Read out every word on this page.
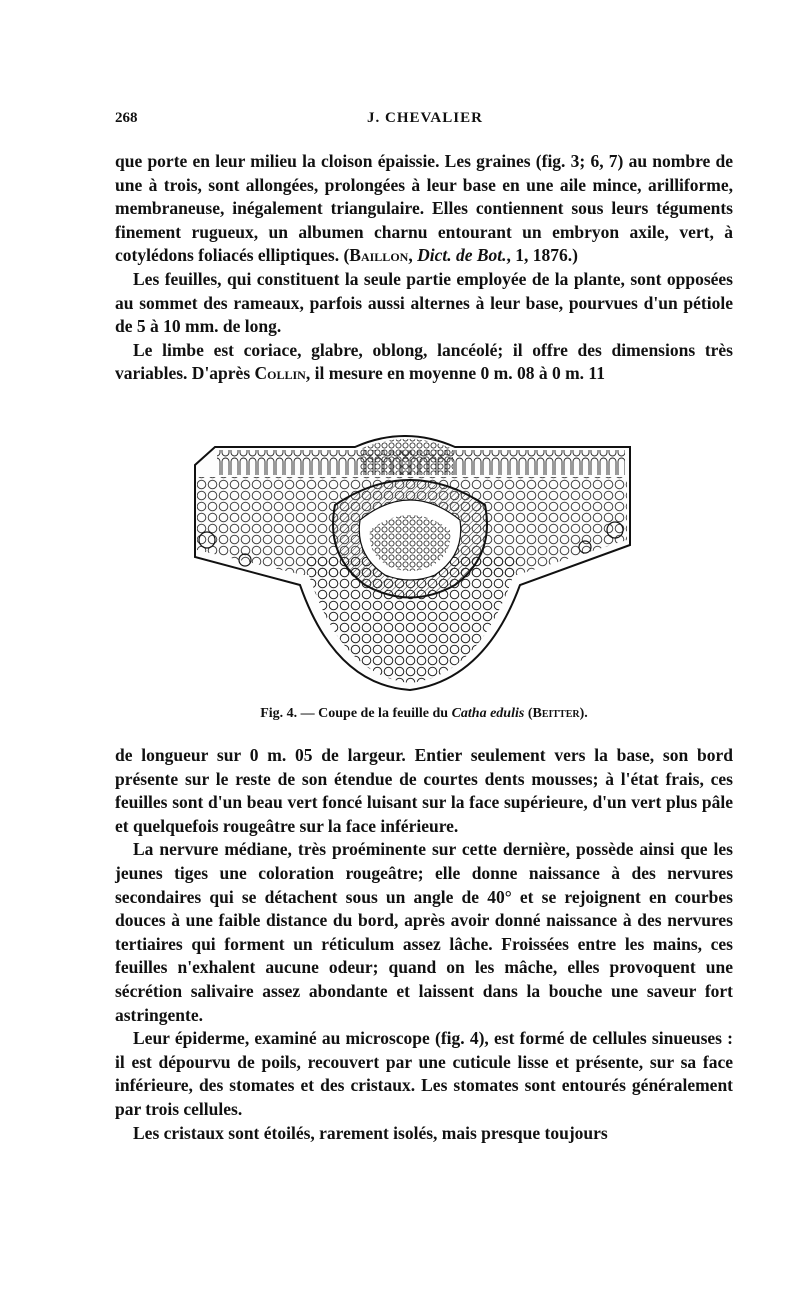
268	J. CHEVALIER

que porte en leur milieu la cloison épaissie. Les graines (fig. 3; 6, 7) au nombre de une à trois, sont allongées, prolongées à leur base en une aile mince, arilliforme, membraneuse, inégalement triangulaire. Elles contiennent sous leurs téguments finement rugueux, un albumen charnu entourant un embryon axile, vert, à cotylédons foliacés elliptiques. (Baillon, Dict. de Bot., 1, 1876.)

Les feuilles, qui constituent la seule partie employée de la plante, sont opposées au sommet des rameaux, parfois aussi alternes à leur base, pourvues d'un pétiole de 5 à 10 mm. de long.

Le limbe est coriace, glabre, oblong, lancéolé; il offre des dimensions très variables. D'après Collin, il mesure en moyenne 0 m. 08 à 0 m. 11

Fig. 4. — Coupe de la feuille du Catha edulis (Beitter).

de longueur sur 0 m. 05 de largeur. Entier seulement vers la base, son bord présente sur le reste de son étendue de courtes dents mousses; à l'état frais, ces feuilles sont d'un beau vert foncé luisant sur la face supérieure, d'un vert plus pâle et quelquefois rougeâtre sur la face inférieure.

La nervure médiane, très proéminente sur cette dernière, possède ainsi que les jeunes tiges une coloration rougeâtre; elle donne naissance à des nervures secondaires qui se détachent sous un angle de 40° et se rejoignent en courbes douces à une faible distance du bord, après avoir donné naissance à des nervures tertiaires qui forment un réticulum assez lâche. Froissées entre les mains, ces feuilles n'exhalent aucune odeur; quand on les mâche, elles provoquent une sécrétion salivaire assez abondante et laissent dans la bouche une saveur fort astringente.

Leur épiderme, examiné au microscope (fig. 4), est formé de cellules sinueuses : il est dépourvu de poils, recouvert par une cuticule lisse et présente, sur sa face inférieure, des stomates et des cristaux. Les stomates sont entourés généralement par trois cellules.

Les cristaux sont étoilés, rarement isolés, mais presque toujours
